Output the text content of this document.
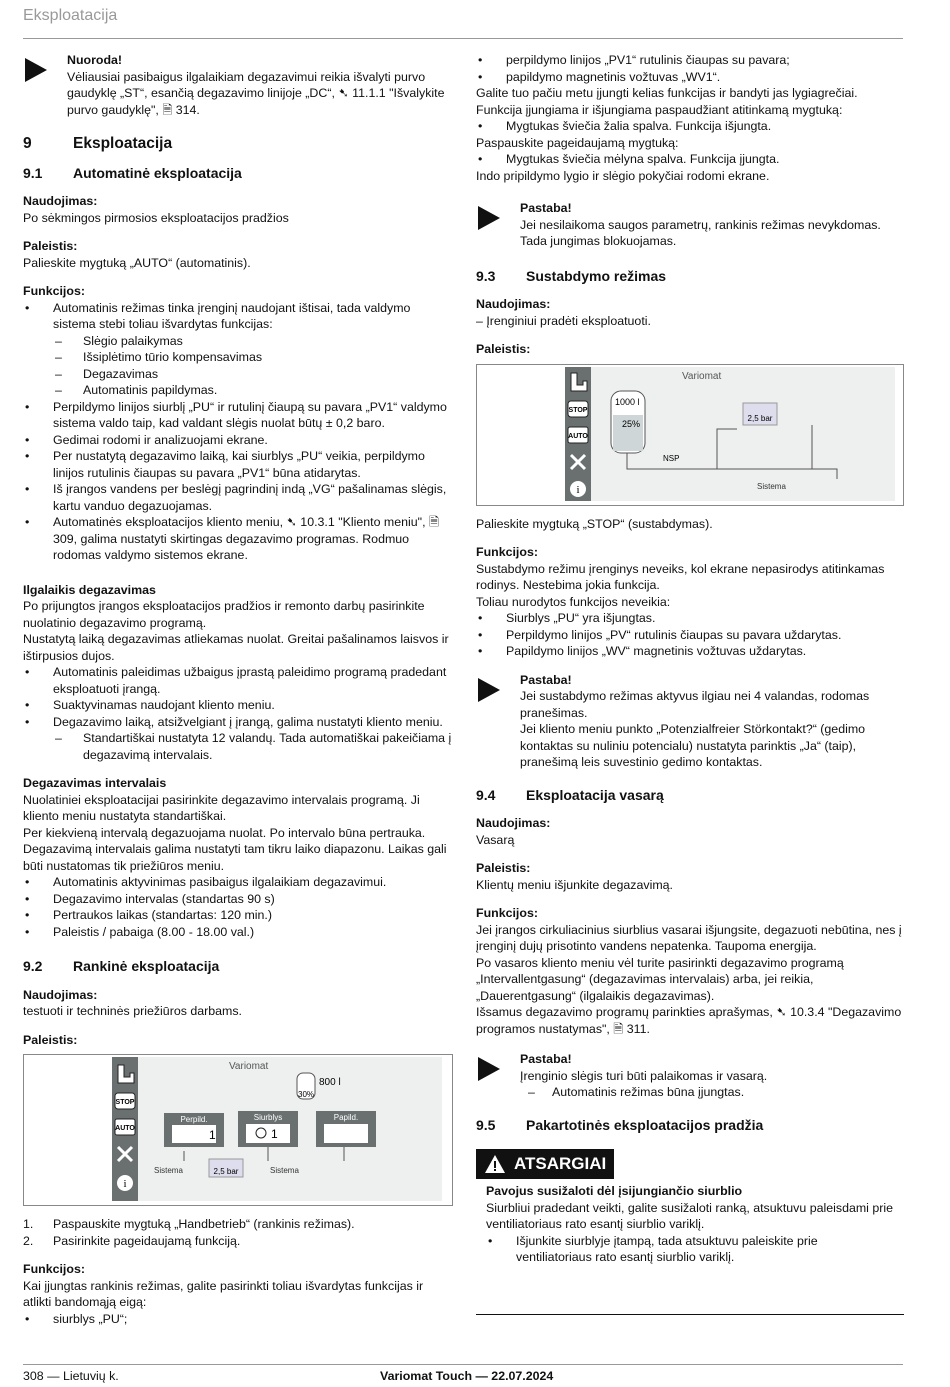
Eksploatacija

Nuoroda!

Vėliausiai pasibaigus ilgalaikiam degazavimui reikia išvalyti purvo gaudyklę „ST“, esančią degazavimo linijoje „DC“, ➷ 11.1.1 "Išvalykite purvo gaudyklę", 🗎 314.

9	Eksploatacija
9.1 Automatinė eksploatacija

Naudojimas:

Po sėkmingos pirmosios eksploatacijos pradžios

Paleistis:

Palieskite mygtuką „AUTO“ (automatinis).

Funkcijos:

• Automatinis režimas tinka įrenginį naudojant ištisai, tada valdymo sistema stebi toliau išvardytas funkcijas:
– Slėgio palaikymas
– Išsiplėtimo tūrio kompensavimas
– Degazavimas
– Automatinis papildymas.
• Perpildymo linijos siurblį „PU“ ir rutulinį čiaupą su pavara „PV1“ valdymo sistema valdo taip, kad valdant slėgis nuolat būtų ± 0,2 baro.
• Gedimai rodomi ir analizuojami ekrane.
• Per nustatytą degazavimo laiką, kai siurblys „PU“ veikia, perpildymo linijos rutulinis čiaupas su pavara „PV1“ būna atidarytas.
• Iš įrangos vandens per beslėgį pagrindinį indą „VG“ pašalinamas slėgis, kartu vanduo degazuojamas.
• Automatinės eksploatacijos kliento meniu, ➷ 10.3.1 "Kliento meniu", 🗎 309, galima nustatyti skirtingas degazavimo programas. Rodmuo rodomas valdymo sistemos ekrane.

Ilgalaikis degazavimas

Po prijungtos įrangos eksploatacijos pradžios ir remonto darbų pasirinkite nuolatinio degazavimo programą.

Nustatytą laiką degazavimas atliekamas nuolat. Greitai pašalinamos laisvos ir ištirpusios dujos.

• Automatinis paleidimas užbaigus įprastą paleidimo programą pradedant eksploatuoti įrangą.
• Suaktyvinamas naudojant kliento meniu.
• Degazavimo laiką, atsižvelgiant į įrangą, galima nustatyti kliento meniu.
– Standartiškai nustatyta 12 valandų. Tada automatiškai pakeičiama į degazavimą intervalais.

Degazavimas intervalais

Nuolatiniei eksploatacijai pasirinkite degazavimo intervalais programą. Ji kliento meniu nustatyta standartiškai.

Per kiekvieną intervalą degazuojama nuolat. Po intervalo būna pertrauka. Degazavimą intervalais galima nustatyti tam tikru laiko diapazonu. Laikas gali būti nustatomas tik priežiūros meniu.

• Automatinis aktyvinimas pasibaigus ilgalaikiam degazavimui.
• Degazavimo intervalas (standartas 90 s)
• Pertraukos laikas (standartas: 120 min.)
• Paleistis / pabaiga (8.00 - 18.00 val.)
9.2 Rankinė eksploatacija

Naudojimas:

testuoti ir techninės priežiūros darbams.

Paleistis:

STOP
AUTO
i
Variomat
800 l
30%
Perpild.
1
Siurblys
1
Papild.
Sistema	2,5 bar	Sistema
1. Paspauskite mygtuką „Handbetrieb“ (rankinis režimas).
2. Pasirinkite pageidaujamą funkciją.

Funkcijos:

Kai įjungtas rankinis režimas, galite pasirinkti toliau išvardytas funkcijas ir atlikti bandomąją eigą:

• siurblys „PU“;
• perpildymo linijos „PV1“ rutulinis čiaupas su pavara;
• papildymo magnetinis vožtuvas „WV1“.

Galite tuo pačiu metu įjungti kelias funkcijas ir bandyti jas lygiagrečiai. Funkcija įjungiama ir išjungiama paspaudžiant atitinkamą mygtuką:

• Mygtukas šviečia žalia spalva. Funkcija išjungta.

Paspauskite pageidaujamą mygtuką:

• Mygtukas šviečia mėlyna spalva. Funkcija įjungta.

Indo pripildymo lygio ir slėgio pokyčiai rodomi ekrane.

Pastaba!

Jei nesilaikoma saugos parametrų, rankinis režimas nevykdomas. Tada jungimas blokuojamas.

9.3 Sustabdymo režimas

Naudojimas:

– Įrenginiui pradėti eksploatuoti.

Paleistis:

STOP
AUTO
i
Variomat
1000 l
25%
NSP
2,5 bar
Sistema

Palieskite mygtuką „STOP“ (sustabdymas).

Funkcijos:

Sustabdymo režimu įrenginys neveiks, kol ekrane nepasirodys atitinkamas rodinys. Nestebima jokia funkcija.

Toliau nurodytos funkcijos neveikia:

• Siurblys „PU“ yra išjungtas.
• Perpildymo linijos „PV“ rutulinis čiaupas su pavara uždarytas.
• Papildymo linijos „WV“ magnetinis vožtuvas uždarytas.

Pastaba!

Jei sustabdymo režimas aktyvus ilgiau nei 4 valandas, rodomas pranešimas.

Jei kliento meniu punkto „Potenzialfreier Störkontakt?“ (gedimo kontaktas su nuliniu potencialu) nustatyta parinktis „Ja“ (taip), pranešimą leis suvestinio gedimo kontaktas.

9.4 Eksploatacija vasarą

Naudojimas:

Vasarą

Paleistis:

Klientų meniu išjunkite degazavimą.

Funkcijos:

Jei įrangos cirkuliacinius siurblius vasarai išjungsite, degazuoti nebūtina, nes į įrenginį dujų prisotinto vandens nepatenka. Taupoma energija.

Po vasaros kliento meniu vėl turite pasirinkti degazavimo programą „Intervallentgasung“ (degazavimas intervalais) arba, jei reikia, „Dauerentgasung“ (ilgalaikis degazavimas).

Išsamus degazavimo programų parinkties aprašymas, ➷ 10.3.4 "Degazavimo programos nustatymas", 🗎 311.

Pastaba!

Įrenginio slėgis turi būti palaikomas ir vasarą.

– Automatinis režimas būna įjungtas.
9.5 Pakartotinės eksploatacijos pradžia
ATSARGIAI

Pavojus susižaloti dėl įsijungiančio siurblio

Siurbliui pradedant veikti, galite susižaloti ranką, atsuktuvu paleisdami prie ventiliatoriaus rato esantį siurblio variklį.

• Išjunkite siurblyje įtampą, tada atsuktuvu paleiskite prie ventiliatoriaus rato esantį siurblio variklį.
308 — Lietuvių k.	Variomat Touch — 22.07.2024
